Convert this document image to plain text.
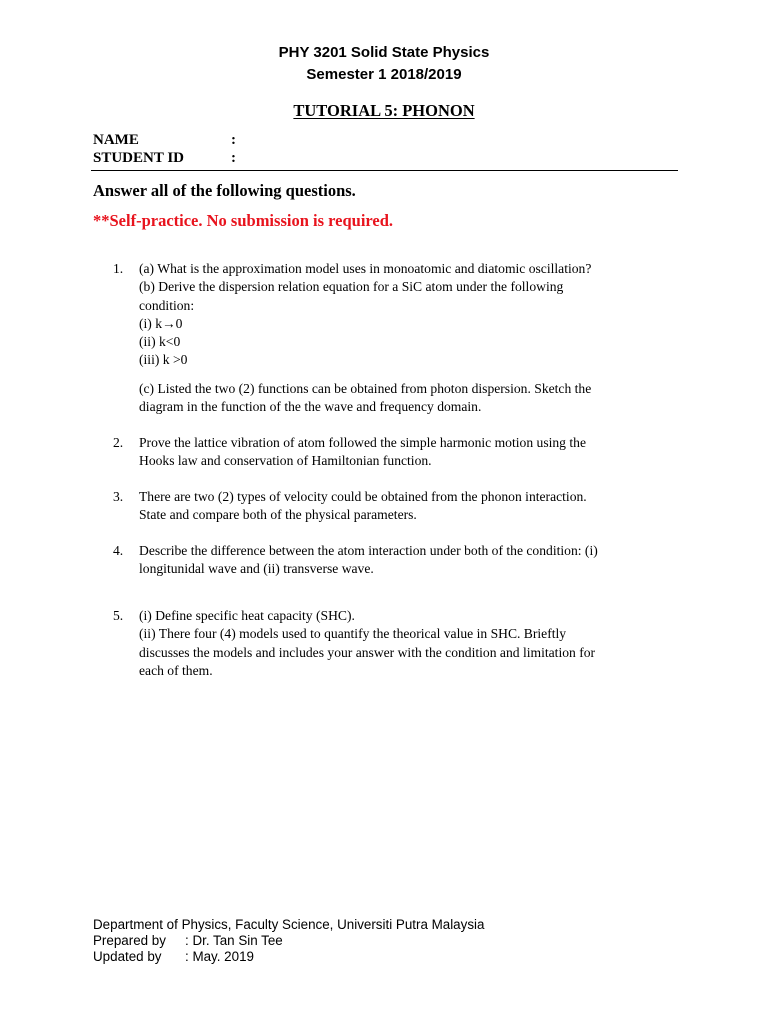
PHY 3201 Solid State Physics
Semester 1 2018/2019
TUTORIAL 5: PHONON
NAME	:
STUDENT ID	:
Answer all of the following questions.
**Self-practice. No submission is required.
1.	(a) What is the approximation model uses in monoatomic and diatomic oscillation?
(b) Derive the dispersion relation equation for a SiC atom under the following
condition:
(i) k→0
(ii) k<0
(iii) k >0
(c) Listed the two (2) functions can be obtained from photon dispersion. Sketch the
diagram in the function of the the wave and frequency domain.
2.	Prove the lattice vibration of atom followed the simple harmonic motion using the
Hooks law and conservation of Hamiltonian function.
3.	There are two (2) types of velocity could be obtained from the phonon interaction.
State and compare both of the physical parameters.
4.	Describe the difference between the atom interaction under both of the condition: (i)
longitunidal wave and (ii) transverse wave.
5.	(i) Define specific heat capacity (SHC).
(ii) There four (4) models used to quantify the theorical value in SHC. Brieftly
discusses the models and includes your answer with the condition and limitation for
each of them.
Department of Physics, Faculty Science, Universiti Putra Malaysia
Prepared by : Dr. Tan Sin Tee
Updated by : May. 2019
